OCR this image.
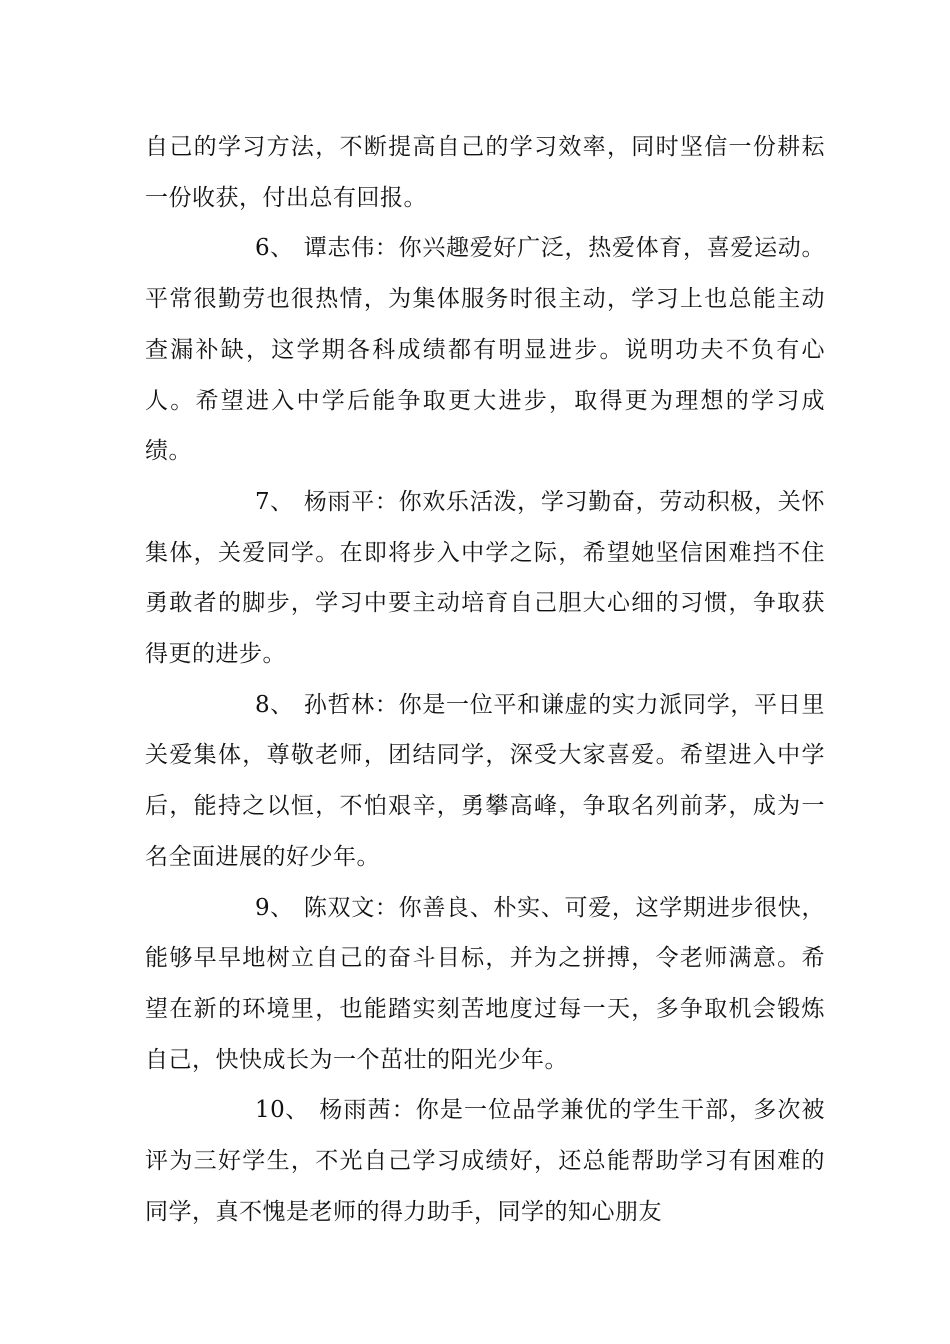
自己的学习方法，不断提高自己的学习效率，同时坚信一份耕耘一份收获，付出总有回报。

6、 谭志伟：你兴趣爱好广泛，热爱体育，喜爱运动。平常很勤劳也很热情，为集体服务时很主动，学习上也总能主动查漏补缺，这学期各科成绩都有明显进步。说明功夫不负有心人。希望进入中学后能争取更大进步，取得更为理想的学习成绩。

7、 杨雨平：你欢乐活泼，学习勤奋，劳动积极，关怀集体，关爱同学。在即将步入中学之际，希望她坚信困难挡不住勇敢者的脚步，学习中要主动培育自己胆大心细的习惯，争取获得更的进步。

8、 孙哲林：你是一位平和谦虚的实力派同学，平日里关爱集体，尊敬老师，团结同学，深受大家喜爱。希望进入中学后，能持之以恒，不怕艰辛，勇攀高峰，争取名列前茅，成为一名全面进展的好少年。

9、 陈双文：你善良、朴实、可爱，这学期进步很快，能够早早地树立自己的奋斗目标，并为之拼搏，令老师满意。希望在新的环境里，也能踏实刻苦地度过每一天，多争取机会锻炼自己，快快成长为一个茁壮的阳光少年。

10、 杨雨茜：你是一位品学兼优的学生干部，多次被评为三好学生，不光自己学习成绩好，还总能帮助学习有困难的同学，真不愧是老师的得力助手，同学的知心朋友
